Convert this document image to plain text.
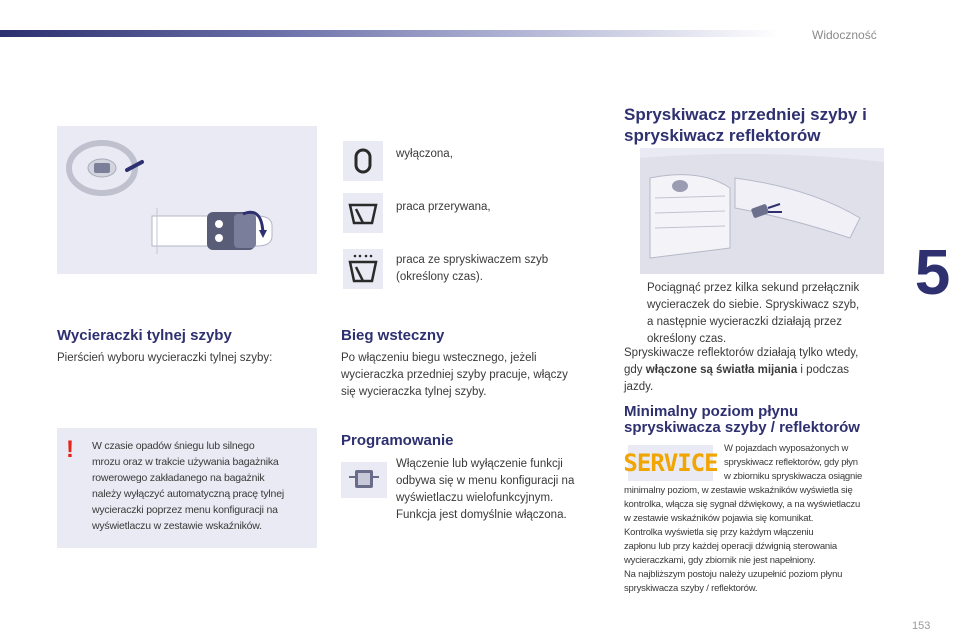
Widoczność
5
Wycieraczki tylnej szyby
Pierścień wyboru wycieraczki tylnej szyby:
wyłączona,
praca przerywana,
praca ze spryskiwaczem szyb
(określony czas).
!	W czasie opadów śniegu lub silnego
mrozu oraz w trakcie używania bagażnika
rowerowego zakładanego na bagażnik
należy wyłączyć automatyczną pracę tylnej
wycieraczki poprzez menu konfiguracji na
wyświetlaczu w zestawie wskaźników.
Bieg wsteczny
Po włączeniu biegu wstecznego, jeżeli
wycieraczka przedniej szyby pracuje, włączy
się wycieraczka tylnej szyby.
Programowanie
Włączenie lub wyłączenie funkcji
odbywa się w menu konfiguracji na
wyświetlaczu wielofunkcyjnym.
Funkcja jest domyślnie włączona.
Spryskiwacz przedniej szyby i
spryskiwacz reflektorów
Pociągnąć przez kilka sekund przełącznik
wycieraczek do siebie. Spryskiwacz szyb,
a następnie wycieraczki działają przez
określony czas.
Spryskiwacze reflektorów działają tylko wtedy,
gdy włączone są światła mijania i podczas
jazdy.
Minimalny poziom płynu
spryskiwacza szyby / reflektorów
SERVICE
W pojazdach wyposażonych w
spryskiwacz reflektorów, gdy płyn
w zbiorniku spryskiwacza osiągnie
minimalny poziom, w zestawie wskaźników wyświetla się
kontrolka, włącza się sygnał dźwiękowy, a na wyświetlaczu
w zestawie wskaźników pojawia się komunikat.
Kontrolka wyświetla się przy każdym włączeniu
zapłonu lub przy każdej operacji dźwignią sterowania
wycieraczkami, gdy zbiornik nie jest napełniony.
Na najbliższym postoju należy uzupełnić poziom płynu
spryskiwacza szyby / reflektorów.
153
